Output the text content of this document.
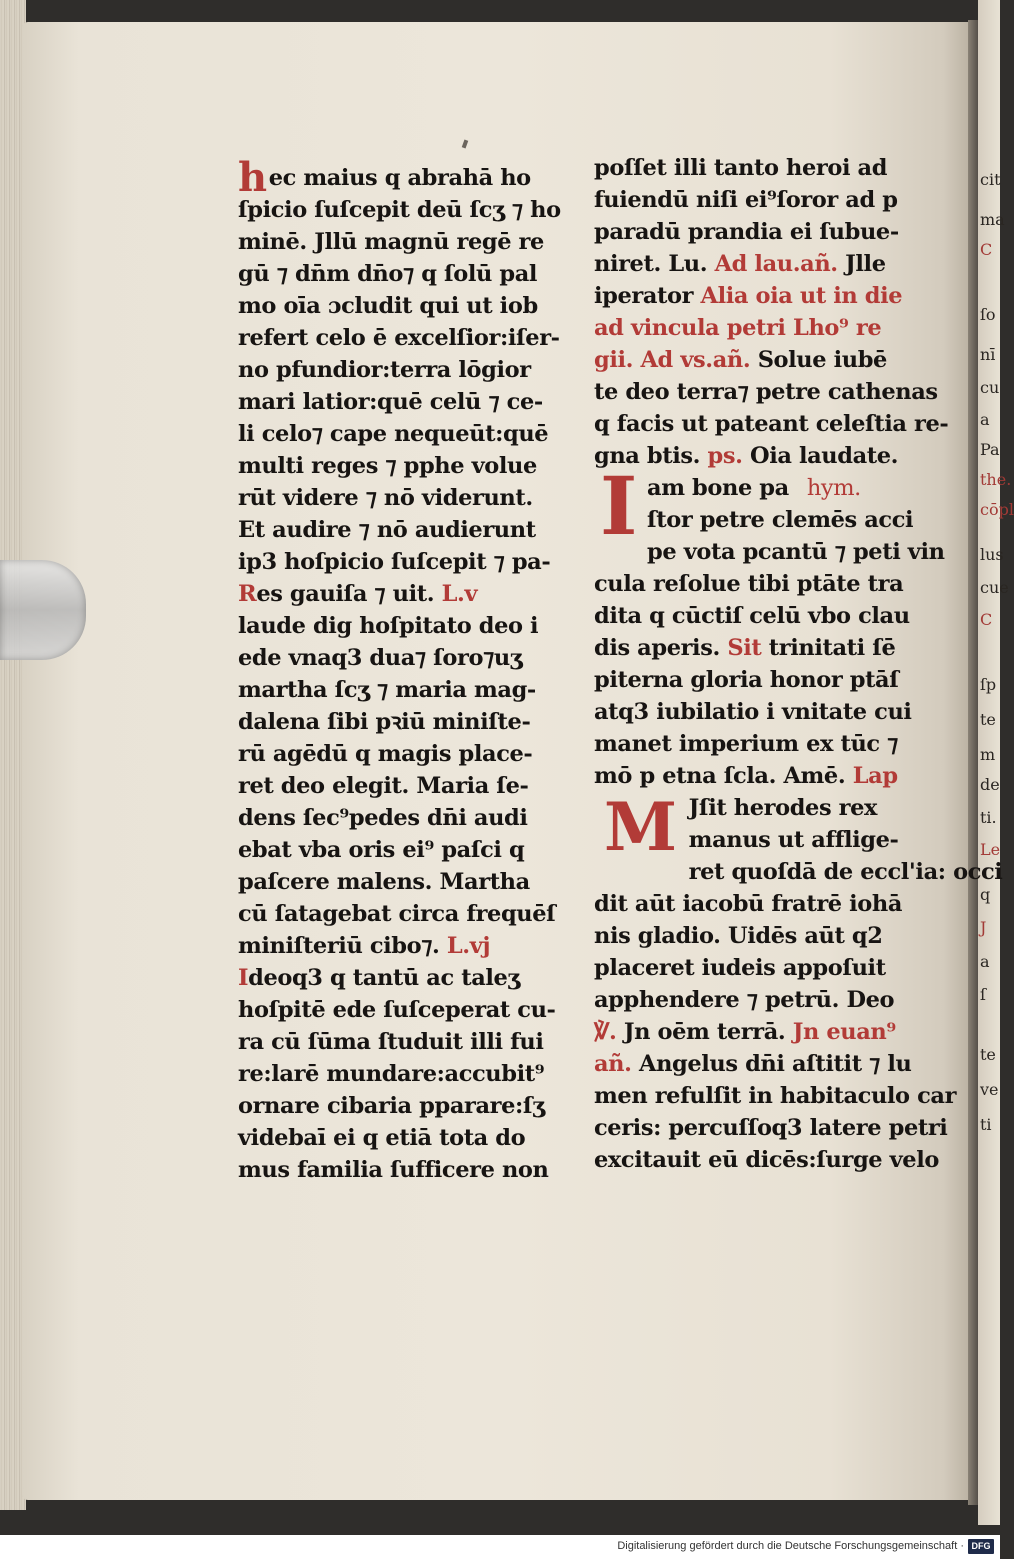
cit
ma
C
ſo
nī
cu
a
Pa
the.
cōpl
lus
cue
C
ſp
te
m
de
ti.
Le
q
J
a
ſ
te
ve
ti
h ec maius q abrahā ho
ſpicio ſuſcepit deū ſcʒ ⁊ ho
minē. Jllū magnū regē re
gū ⁊ dn̄m dn̄o⁊ q ſolū pal
mo oīa ɔcludit qui ut iob
refert celo ē excelſior:iſer-
no pfundior:terra lōgior
mari latior:quē celū ⁊ ce-
li celo⁊ cape nequeūt:quē
multi reges ⁊ pphe volue
rūt videre ⁊ nō viderunt.
Et audire ⁊ nō audierunt
ip3 hoſpicio ſuſcepit ⁊ pa-
Res gauiſa ⁊ uit. L.v
laude dig hoſpitato deo i
ede vnaq3 dua⁊ ſoro⁊uʒ
martha ſcʒ ⁊ maria mag-
dalena ſibi pꝛiū miniſte-
rū agēdū q magis place-
ret deo elegit. Maria ſe-
dens ſec⁹pedes dn̄i audi
ebat vba oris ei⁹ paſci q
paſcere malens. Martha
cū ſatagebat circa frequēſ
miniſteriū cibo⁊. L.vj
Ideoq3 q tantū ac taleʒ
hoſpitē ede ſuſceperat cu-
ra cū ſūma ſtuduit illi fui
re:larē mundare:accubit⁹
ornare cibaria pparare:ſʒ
videbaī ei q etiā tota do
mus familia ſufficere non
poſſet illi tanto heroi ad
fuiendū niſi ei⁹ſoror ad p
paradū prandia ei ſubue-
niret. Lu. Ad lau.añ. Jlle
iperator Alia oia ut in die
ad vincula petri Lho⁹ re
gii. Ad vs.añ. Solue iubē
te deo terra⁊ petre cathenas
q facis ut pateant celeſtia re-
gna btis. ps. Oia laudate.
I am bone pa hym.
ſtor petre clemēs acci
pe vota pcantū ⁊ peti vin
cula reſolue tibi ptāte tra
dita q cūctiſ celū vbo clau
dis aperis. Sit trinitati ſē
piterna gloria honor ptāſ
atq3 iubilatio i vnitate cui
manet imperium ex tūc ⁊
mō p etna ſcla. Amē. Lap
M Jſit herodes rex
manus ut afflige-
ret quoſdā de eccl'ia: occi
dit aūt iacobū fratrē iohā
nis gladio. Uidēs aūt q2
placeret iudeis appoſuit
apphendere ⁊ petrū. Deo
℣. Jn oēm terrā. Jn euan⁹
añ. Angelus dn̄i aſtitit ⁊ lu
men refulſit in habitaculo car
ceris: percuſſoq3 latere petri
excitauit eū dicēs:ſurge velo
Digitalisierung gefördert durch die Deutsche Forschungsgemeinschaft · DFG
